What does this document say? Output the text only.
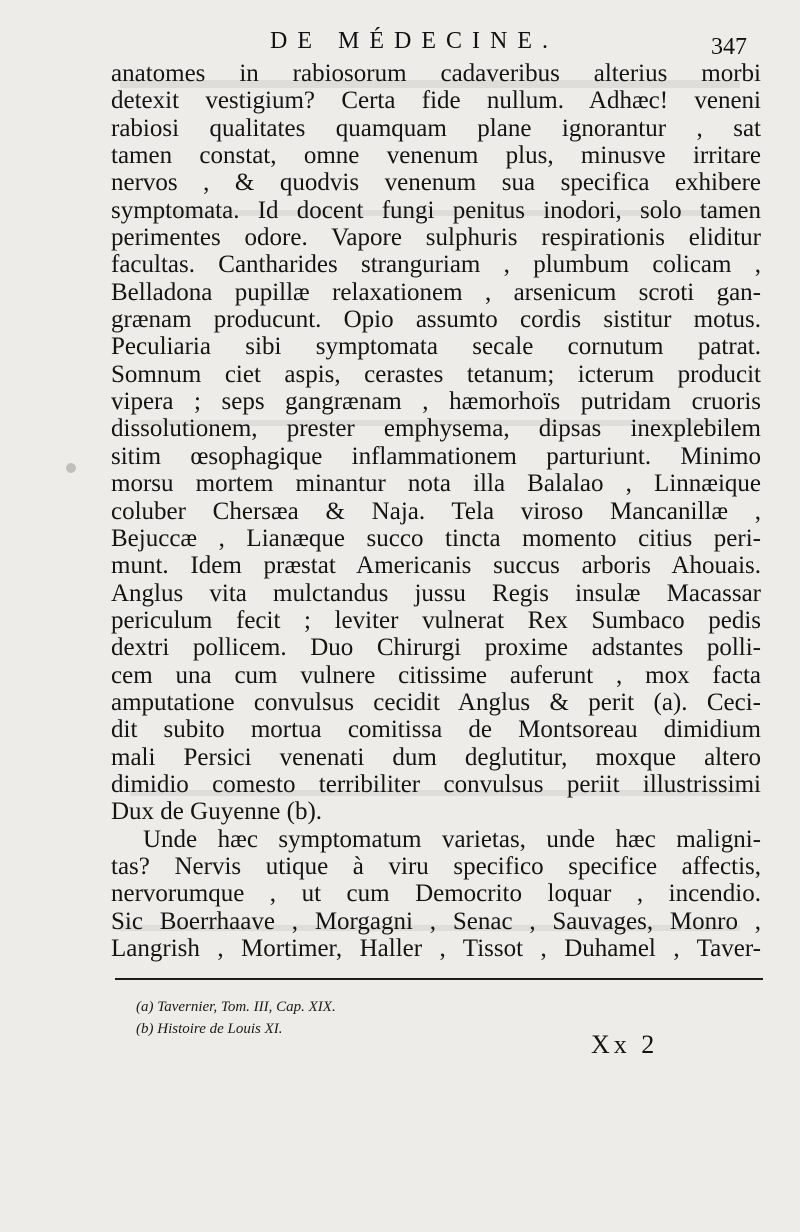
DE MÉDECINE.	347
anatomes in rabiosorum cadaveribus alterius morbi
detexit vestigium? Certa fide nullum. Adhæc! veneni
rabiosi qualitates quamquam plane ignorantur , sat
tamen constat, omne venenum plus, minusve irritare
nervos , & quodvis venenum sua specifica exhibere
symptomata. Id docent fungi penitus inodori, solo tamen
perimentes odore. Vapore sulphuris respirationis eliditur
facultas. Cantharides stranguriam , plumbum colicam ,
Belladona pupillæ relaxationem , arsenicum scroti gan-
grænam producunt. Opio assumto cordis sistitur motus.
Peculiaria sibi symptomata secale cornutum patrat.
Somnum ciet aspis, cerastes tetanum; icterum producit
vipera ; seps gangrænam , hæmorhoïs putridam cruoris
dissolutionem, prester emphysema, dipsas inexplebilem
sitim œsophagique inflammationem parturiunt. Minimo
morsu mortem minantur nota illa Balalao , Linnæique
coluber Chersæa & Naja. Tela viroso Mancanillæ ,
Bejuccæ , Lianæque succo tincta momento citius peri-
munt. Idem præstat Americanis succus arboris Ahouais.
Anglus vita mulctandus jussu Regis insulæ Macassar
periculum fecit ; leviter vulnerat Rex Sumbaco pedis
dextri pollicem. Duo Chirurgi proxime adstantes polli-
cem una cum vulnere citissime auferunt , mox facta
amputatione convulsus cecidit Anglus & perit (a). Ceci-
dit subito mortua comitissa de Montsoreau dimidium
mali Persici venenati dum deglutitur, moxque altero
dimidio comesto terribiliter convulsus periit illustrissimi
Dux de Guyenne (b).
Unde hæc symptomatum varietas, unde hæc maligni-
tas? Nervis utique à viru specifico specifice affectis,
nervorumque , ut cum Democrito loquar , incendio.
Sic Boerrhaave , Morgagni , Senac , Sauvages, Monro ,
Langrish , Mortimer, Haller , Tissot , Duhamel , Taver-
(a) Tavernier, Tom. III, Cap. XIX.
(b) Histoire de Louis XI.
Xx 2
